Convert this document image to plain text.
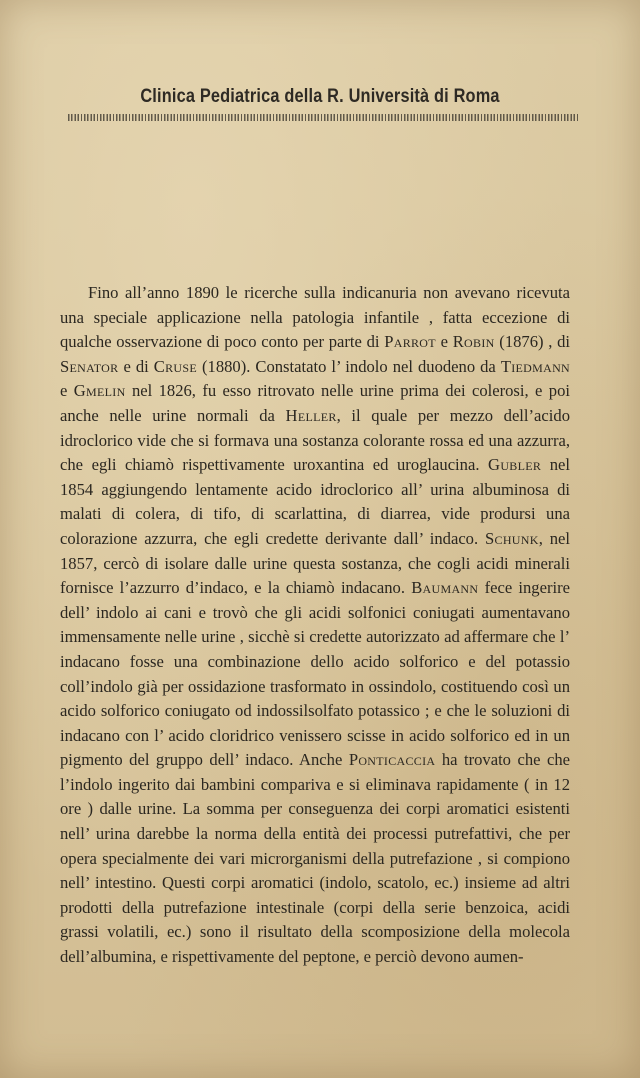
Clinica Pediatrica della R. Università di Roma

Fino all’anno 1890 le ricerche sulla indicanuria non avevano ricevuta una speciale applicazione nella patologia infantile , fatta eccezione di qualche osservazione di poco conto per parte di Parrot e Robin (1876) , di Senator e di Cruse (1880). Constatato l’ indolo nel duodeno da Tiedmann e Gmelin nel 1826, fu esso ritrovato nelle urine prima dei colerosi, e poi anche nelle urine normali da Heller, il quale per mezzo dell’acido idroclorico vide che si formava una sostanza colorante rossa ed una azzurra, che egli chiamò rispettivamente uroxantina ed uroglaucina. Gubler nel 1854 aggiungendo lentamente acido idroclorico all’ urina albuminosa di malati di colera, di tifo, di scarlattina, di diarrea, vide prodursi una colorazione azzurra, che egli credette derivante dall’ indaco. Schunk, nel 1857, cercò di isolare dalle urine questa sostanza, che cogli acidi minerali fornisce l’azzurro d’indaco, e la chiamò indacano. Baumann fece ingerire dell’ indolo ai cani e trovò che gli acidi solfonici coniugati aumentavano immensamente nelle urine , sicchè si credette autorizzato ad affermare che l’ indacano fosse una combinazione dello acido solforico e del potassio coll’indolo già per ossidazione trasformato in ossindolo, costituendo così un acido solforico coniugato od indossilsolfato potassico ; e che le soluzioni di indacano con l’ acido cloridrico venissero scisse in acido solforico ed in un pigmento del gruppo dell’ indaco. Anche Ponticaccia ha trovato che che l’indolo ingerito dai bambini compariva e si eliminava rapidamente ( in 12 ore ) dalle urine. La somma per conseguenza dei corpi aromatici esistenti nell’ urina darebbe la norma della entità dei processi putrefattivi, che per opera specialmente dei vari microrganismi della putrefazione , si compiono nell’ intestino. Questi corpi aromatici (indolo, scatolo, ec.) insieme ad altri prodotti della putrefazione intestinale (corpi della serie benzoica, acidi grassi volatili, ec.) sono il risultato della scomposizione della molecola dell’albumina, e rispettivamente del peptone, e perciò devono aumen-
